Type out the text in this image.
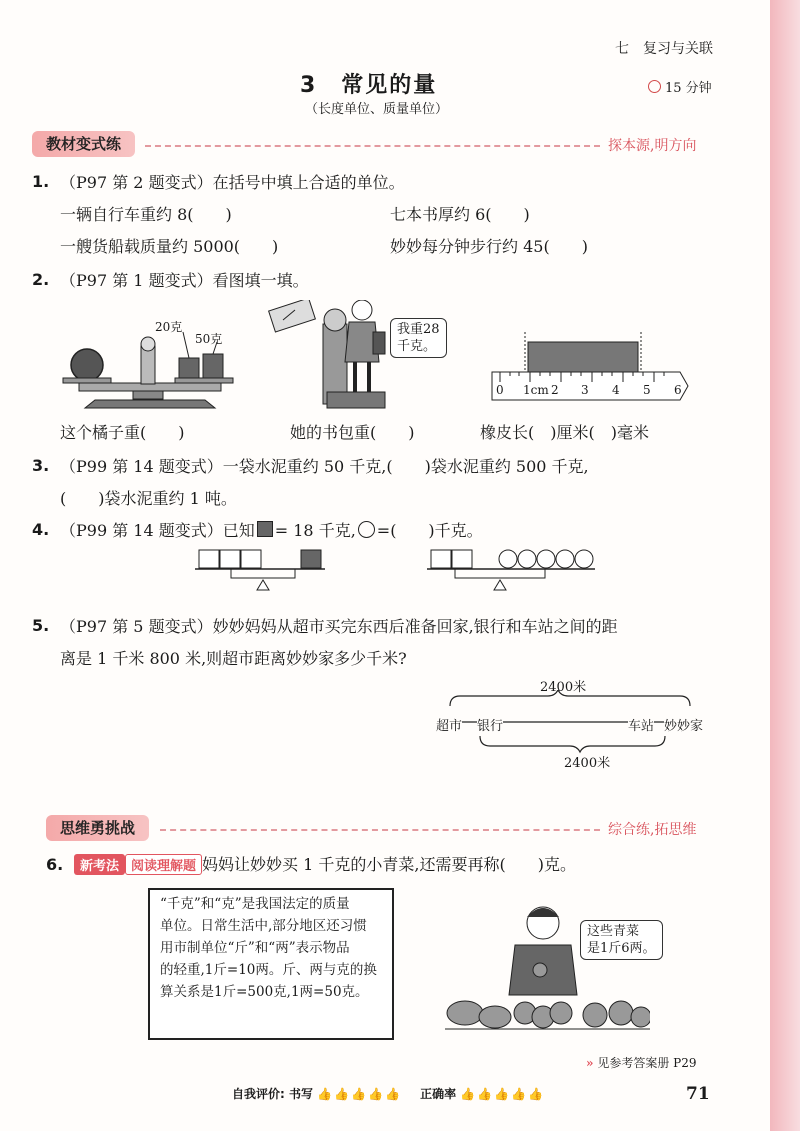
七　复习与关联
3　常见的量
（长度单位、质量单位）
15 分钟
教材变式练	探本源,明方向
1. （P97 第 2 题变式）在括号中填上合适的单位。
一辆自行车重约 8(　　)	七本书厚约 6(　　)
一艘货船载质量约 5000(　　)	妙妙每分钟步行约 45(　　)
2. （P97 第 1 题变式）看图填一填。
20克
50克
我重28
千克。
0 1cm 2 3 4 5 6
这个橘子重(　　)	她的书包重(　　)	橡皮长(　)厘米(　)毫米
3. （P99 第 14 题变式）一袋水泥重约 50 千克,(　　)袋水泥重约 500 千克,
(　　)袋水泥重约 1 吨。
4. （P99 第 14 题变式）已知 = 18 千克, =(　　)千克。
5. （P97 第 5 题变式）妙妙妈妈从超市买完东西后准备回家,银行和车站之间的距
离是 1 千米 800 米,则超市距离妙妙家多少千米?
2400米
2400米
超市 银行	车站 妙妙家
思维勇挑战	综合练,拓思维
6.	新考法 阅读理解题 妈妈让妙妙买 1 千克的小青菜,还需要再称(　　)克。
“千克”和“克”是我国法定的质量
单位。日常生活中,部分地区还习惯
用市制单位“斤”和“两”表示物品
的轻重,1斤=10两。斤、两与克的换
算关系是1斤=500克,1两=50克。
这些青菜
是1斤6两。
» 见参考答案册 P29
自我评价: 书写 👍👍👍👍👍 正确率 👍👍👍👍👍	71
